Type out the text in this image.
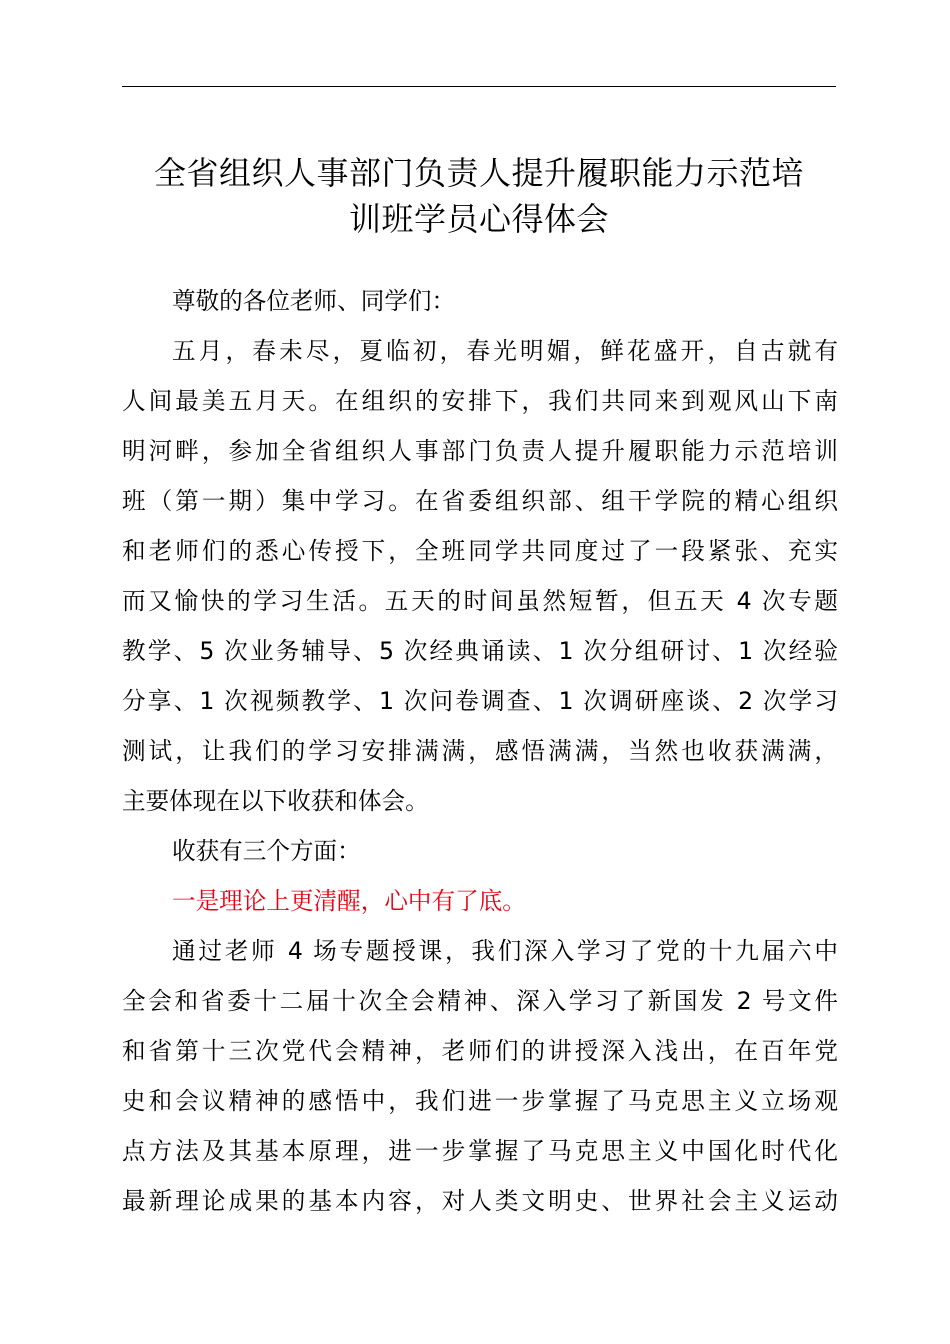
全省组织人事部门负责人提升履职能力示范培
训班学员心得体会
尊敬的各位老师、同学们：
五月，春未尽，夏临初，春光明媚，鲜花盛开，自古就有
人间最美五月天。在组织的安排下，我们共同来到观风山下南
明河畔，参加全省组织人事部门负责人提升履职能力示范培训
班（第一期）集中学习。在省委组织部、组干学院的精心组织
和老师们的悉心传授下，全班同学共同度过了一段紧张、充实
而又愉快的学习生活。五天的时间虽然短暂，但五天 4 次专题
教学、5 次业务辅导、5 次经典诵读、1 次分组研讨、1 次经验
分享、1 次视频教学、1 次问卷调查、1 次调研座谈、2 次学习
测试，让我们的学习安排满满，感悟满满，当然也收获满满，
主要体现在以下收获和体会。
收获有三个方面：
一是理论上更清醒，心中有了底。
通过老师 4 场专题授课，我们深入学习了党的十九届六中
全会和省委十二届十次全会精神、深入学习了新国发 2 号文件
和省第十三次党代会精神，老师们的讲授深入浅出，在百年党
史和会议精神的感悟中，我们进一步掌握了马克思主义立场观
点方法及其基本原理，进一步掌握了马克思主义中国化时代化
最新理论成果的基本内容，对人类文明史、世界社会主义运动
